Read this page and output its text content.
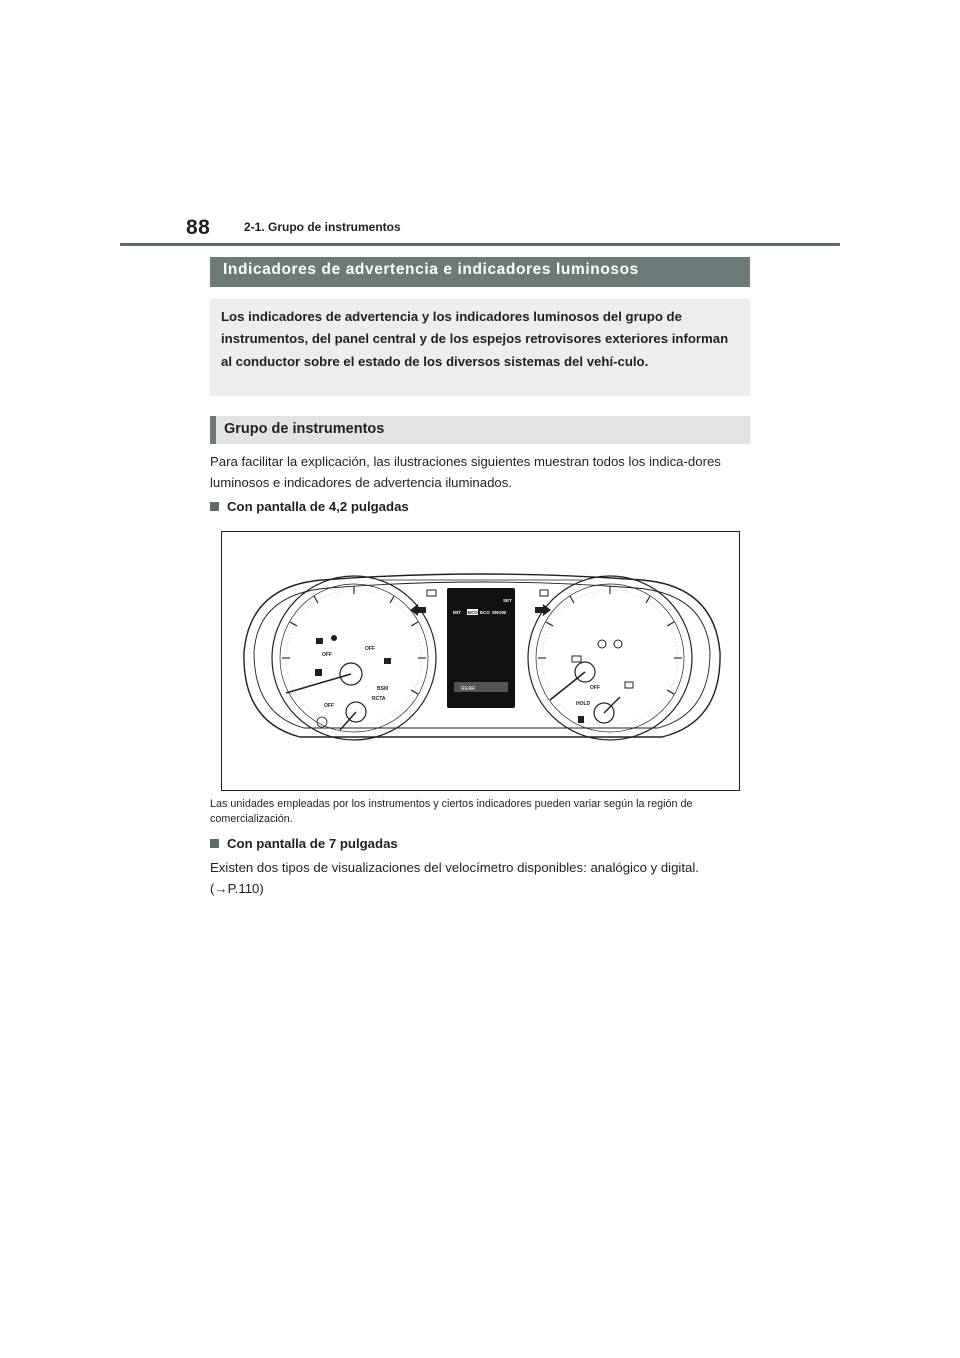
88	2-1. Grupo de instrumentos
Indicadores de advertencia e indicadores luminosos
Los indicadores de advertencia y los indicadores luminosos del grupo de instrumentos, del panel central y de los espejos retrovisores exteriores informan al conductor sobre el estado de los diversos sistemas del vehí-culo.
Grupo de instrumentos
Para facilitar la explicación, las ilustraciones siguientes muestran todos los indica-dores luminosos e indicadores de advertencia iluminados.
Con pantalla de 4,2 pulgadas
OFF
OFF
OFF
BSM
RCTA
IMT ECO ECO SNOW
SET
REAR	OFF
HOLD
Las unidades empleadas por los instrumentos y ciertos indicadores pueden variar según la región de comercialización.
Con pantalla de 7 pulgadas
Existen dos tipos de visualizaciones del velocímetro disponibles: analógico y digital.
(→P.110)
